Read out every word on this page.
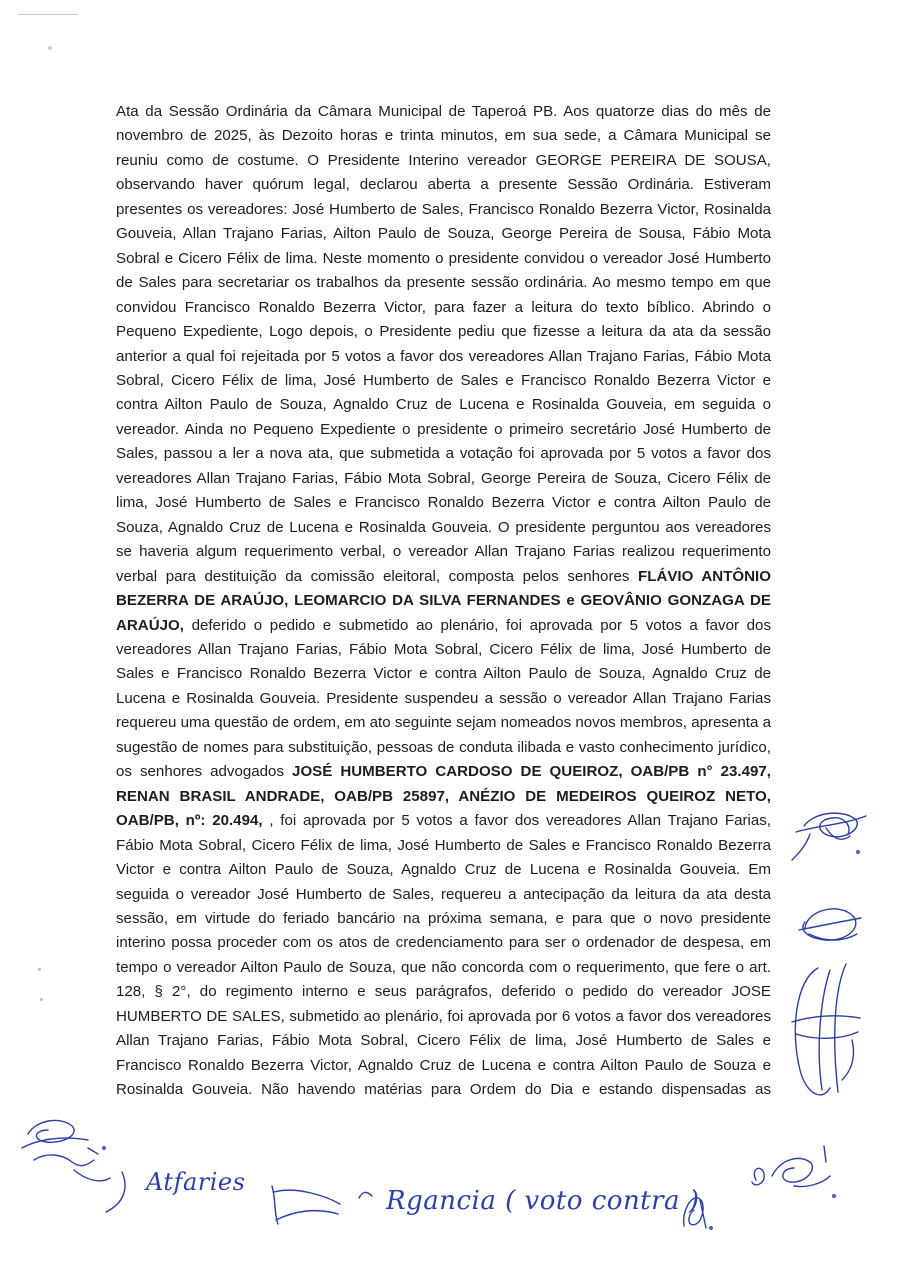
Ata da Sessão Ordinária da Câmara Municipal de Taperoá PB. Aos quatorze dias do mês de novembro de 2025, às Dezoito horas e trinta minutos, em sua sede, a Câmara Municipal se reuniu como de costume. O Presidente Interino vereador GEORGE PEREIRA DE SOUSA, observando haver quórum legal, declarou aberta a presente Sessão Ordinária. Estiveram presentes os vereadores: José Humberto de Sales, Francisco Ronaldo Bezerra Victor, Rosinalda Gouveia, Allan Trajano Farias, Ailton Paulo de Souza, George Pereira de Sousa, Fábio Mota Sobral e Cicero Félix de lima. Neste momento o presidente convidou o vereador José Humberto de Sales para secretariar os trabalhos da presente sessão ordinária. Ao mesmo tempo em que convidou Francisco Ronaldo Bezerra Victor, para fazer a leitura do texto bíblico. Abrindo o Pequeno Expediente, Logo depois, o Presidente pediu que fizesse a leitura da ata da sessão anterior a qual foi rejeitada por 5 votos a favor dos vereadores Allan Trajano Farias, Fábio Mota Sobral, Cicero Félix de lima, José Humberto de Sales e Francisco Ronaldo Bezerra Victor e contra Ailton Paulo de Souza, Agnaldo Cruz de Lucena e Rosinalda Gouveia, em seguida o vereador. Ainda no Pequeno Expediente o presidente o primeiro secretário José Humberto de Sales, passou a ler a nova ata, que submetida a votação foi aprovada por 5 votos a favor dos vereadores Allan Trajano Farias, Fábio Mota Sobral, George Pereira de Souza, Cicero Félix de lima, José Humberto de Sales e Francisco Ronaldo Bezerra Victor e contra Ailton Paulo de Souza, Agnaldo Cruz de Lucena e Rosinalda Gouveia. O presidente perguntou aos vereadores se haveria algum requerimento verbal, o vereador Allan Trajano Farias realizou requerimento verbal para destituição da comissão eleitoral, composta pelos senhores FLÁVIO ANTÔNIO BEZERRA DE ARAÚJO, LEOMARCIO DA SILVA FERNANDES e GEOVÂNIO GONZAGA DE ARAÚJO, deferido o pedido e submetido ao plenário, foi aprovada por 5 votos a favor dos vereadores Allan Trajano Farias, Fábio Mota Sobral, Cicero Félix de lima, José Humberto de Sales e Francisco Ronaldo Bezerra Victor e contra Ailton Paulo de Souza, Agnaldo Cruz de Lucena e Rosinalda Gouveia. Presidente suspendeu a sessão o vereador Allan Trajano Farias requereu uma questão de ordem, em ato seguinte sejam nomeados novos membros, apresenta a sugestão de nomes para substituição, pessoas de conduta ilibada e vasto conhecimento jurídico, os senhores advogados JOSÉ HUMBERTO CARDOSO DE QUEIROZ, OAB/PB n° 23.497, RENAN BRASIL ANDRADE, OAB/PB 25897, ANÉZIO DE MEDEIROS QUEIROZ NETO, OAB/PB, nº: 20.494, , foi aprovada por 5 votos a favor dos vereadores Allan Trajano Farias, Fábio Mota Sobral, Cicero Félix de lima, José Humberto de Sales e Francisco Ronaldo Bezerra Victor e contra Ailton Paulo de Souza, Agnaldo Cruz de Lucena e Rosinalda Gouveia. Em seguida o vereador José Humberto de Sales, requereu a antecipação da leitura da ata desta sessão, em virtude do feriado bancário na próxima semana, e para que o novo presidente interino possa proceder com os atos de credenciamento para ser o ordenador de despesa, em tempo o vereador Ailton Paulo de Souza, que não concorda com o requerimento, que fere o art. 128, § 2°, do regimento interno e seus parágrafos, deferido o pedido do vereador JOSE HUMBERTO DE SALES, submetido ao plenário, foi aprovada por 6 votos a favor dos vereadores Allan Trajano Farias, Fábio Mota Sobral, Cicero Félix de lima, José Humberto de Sales e Francisco Ronaldo Bezerra Victor, Agnaldo Cruz de Lucena e contra Ailton Paulo de Souza e Rosinalda Gouveia. Não havendo matérias para Ordem do Dia e estando dispensadas as

Atfaries
Rgancia ( voto contra )
